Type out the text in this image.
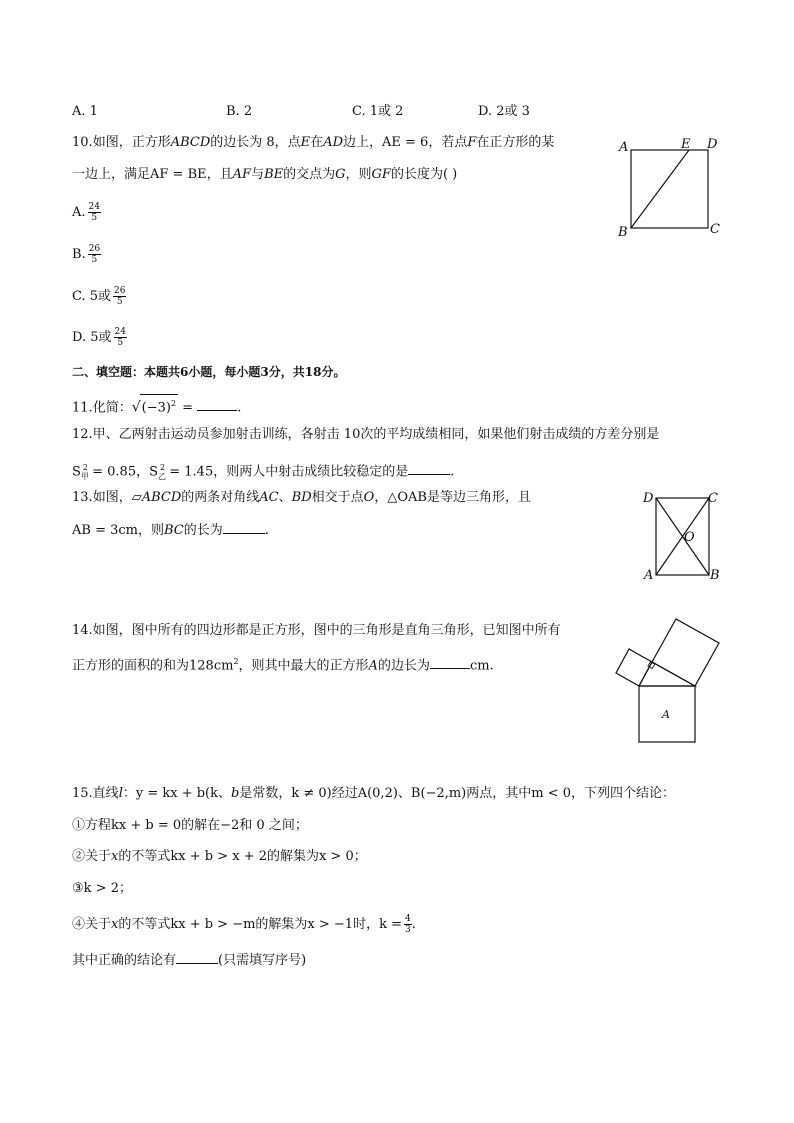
A. 1	B. 2	C. 1或 2	D. 2或 3
10.如图，正方形ABCD的边长为 8，点E在AD边上，AE = 6，若点F在正方形的某
一边上，满足AF = BE，且AF与BE的交点为G，则GF的长度为( )
A. $\frac{24}{5}$
B. $\frac{26}{5}$
C. 5或 $\frac{26}{5}$
D. 5或 $\frac{24}{5}$
A	E D
B	C
二、填空题：本题共6小题，每小题3分，共18分。
11.化简：$√(-3)^2$ =	.
12.甲、乙两射击运动员参加射击训练，各射击 10次的平均成绩相同，如果他们射击成绩的方差分别是
$S_甲^2 = 0.85$，$S_乙^2 = 1.45$，则两人中射击成绩比较稳定的是	.
13.如图，▱ABCD的两条对角线AC、BD相交于点O，△OAB是等边三角形，且
AB = 3cm，则BC的长为	.
D	C
O
A	B
14.如图，图中所有的四边形都是正方形，图中的三角形是直角三角形，已知图中所有
正方形的面积的和为$128cm^2$，则其中最大的正方形A的边长为	cm.
A
15.直线l：y = kx + b(k、b是常数，k ≠ 0)经过A(0,2)、B(−2,m)两点，其中m < 0，下列四个结论：
①方程kx + b = 0的解在−2和 0 之间；
②关于x的不等式kx + b > x + 2的解集为x > 0；
③k > 2；
④关于x的不等式kx + b > −m的解集为x > −1时，$k = \frac{4}{3}$ .
其中正确的结论有	(只需填写序号)
